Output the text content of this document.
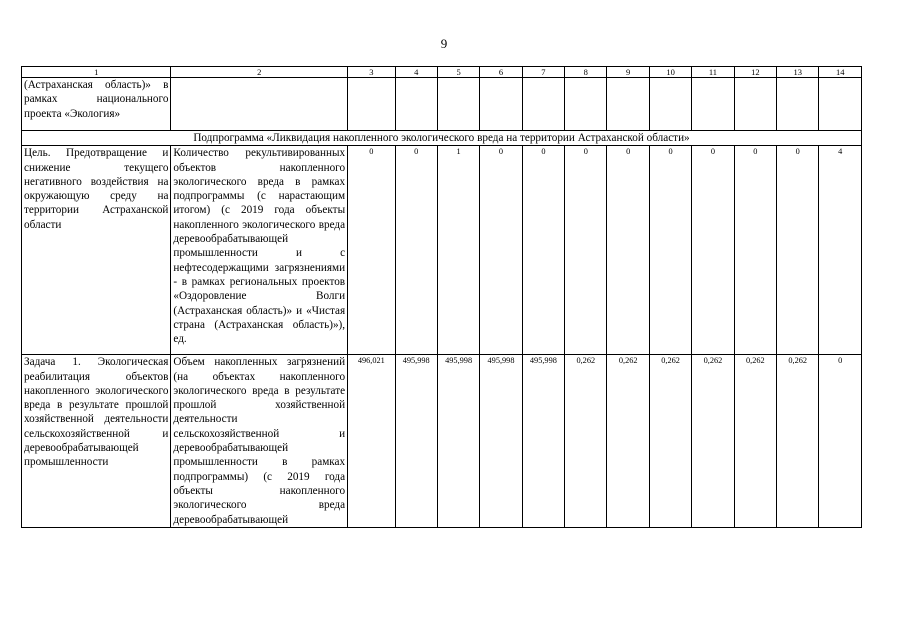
9
1	2	3	4	5	6	7	8	9	10	11	12	13	14
(Астраханская область)» в рамках национального проекта «Экология»													
Подпрограмма «Ликвидация накопленного экологического вреда на территории Астраханской области»													
Цель. Предотвращение и снижение текущего негативного воздействия на окружающую среду на территории Астраханской области	Количество рекультивированных объектов накопленного экологического вреда в рамках подпрограммы (с нарастающим итогом) (с 2019 года объекты накопленного экологического вреда деревообрабатывающей промышленности и с нефтесодержащими загрязнениями - в рамках региональных проектов «Оздоровление Волги (Астраханская область)» и «Чистая страна (Астраханская область)»), ед.	0	0	1	0	0	0	0	0	0	0	0	4
Задача 1. Экологическая реабилитация объектов накопленного экологического вреда в результате прошлой хозяйственной деятельности сельскохозяйственной и деревообрабатывающей промышленности	Объем накопленных загрязнений (на объектах накопленного экологического вреда в результате прошлой хозяйственной деятельности сельскохозяйственной и деревообрабатывающей промышленности в рамках подпрограммы) (с 2019 года объекты накопленного экологического вреда деревообрабатывающей	496,021	495,998	495,998	495,998	495,998	0,262	0,262	0,262	0,262	0,262	0,262	0
